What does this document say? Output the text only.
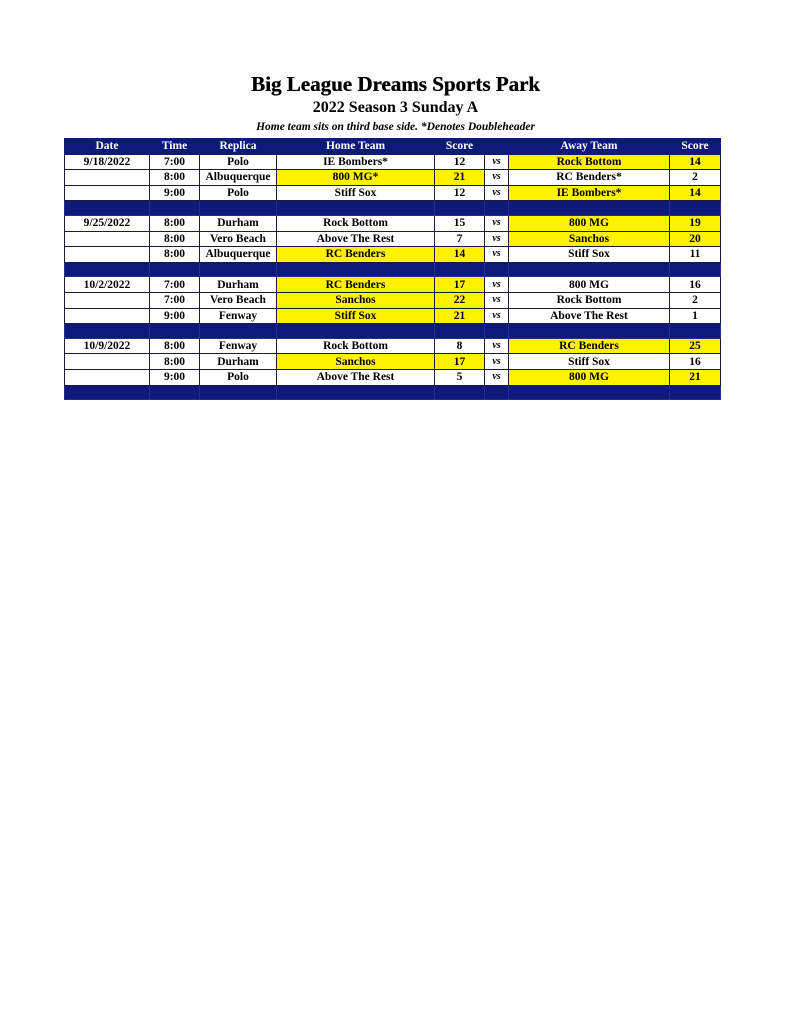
Big League Dreams Sports Park
2022 Season 3 Sunday A
Home team sits on third base side. *Denotes Doubleheader
Date	Time	Replica	Home Team	Score		Away Team	Score
9/18/2022	7:00	Polo	IE Bombers*	12	vs	Rock Bottom	14
	8:00	Albuquerque	800 MG*	21	vs	RC Benders*	2
	9:00	Polo	Stiff Sox	12	vs	IE Bombers*	14

9/25/2022	8:00	Durham	Rock Bottom	15	vs	800 MG	19
	8:00	Vero Beach	Above The Rest	7	vs	Sanchos	20
	8:00	Albuquerque	RC Benders	14	vs	Stiff Sox	11

10/2/2022	7:00	Durham	RC Benders	17	vs	800 MG	16
	7:00	Vero Beach	Sanchos	22	vs	Rock Bottom	2
	9:00	Fenway	Stiff Sox	21	vs	Above The Rest	1

10/9/2022	8:00	Fenway	Rock Bottom	8	vs	RC Benders	25
	8:00	Durham	Sanchos	17	vs	Stiff Sox	16
	9:00	Polo	Above The Rest	5	vs	800 MG	21
